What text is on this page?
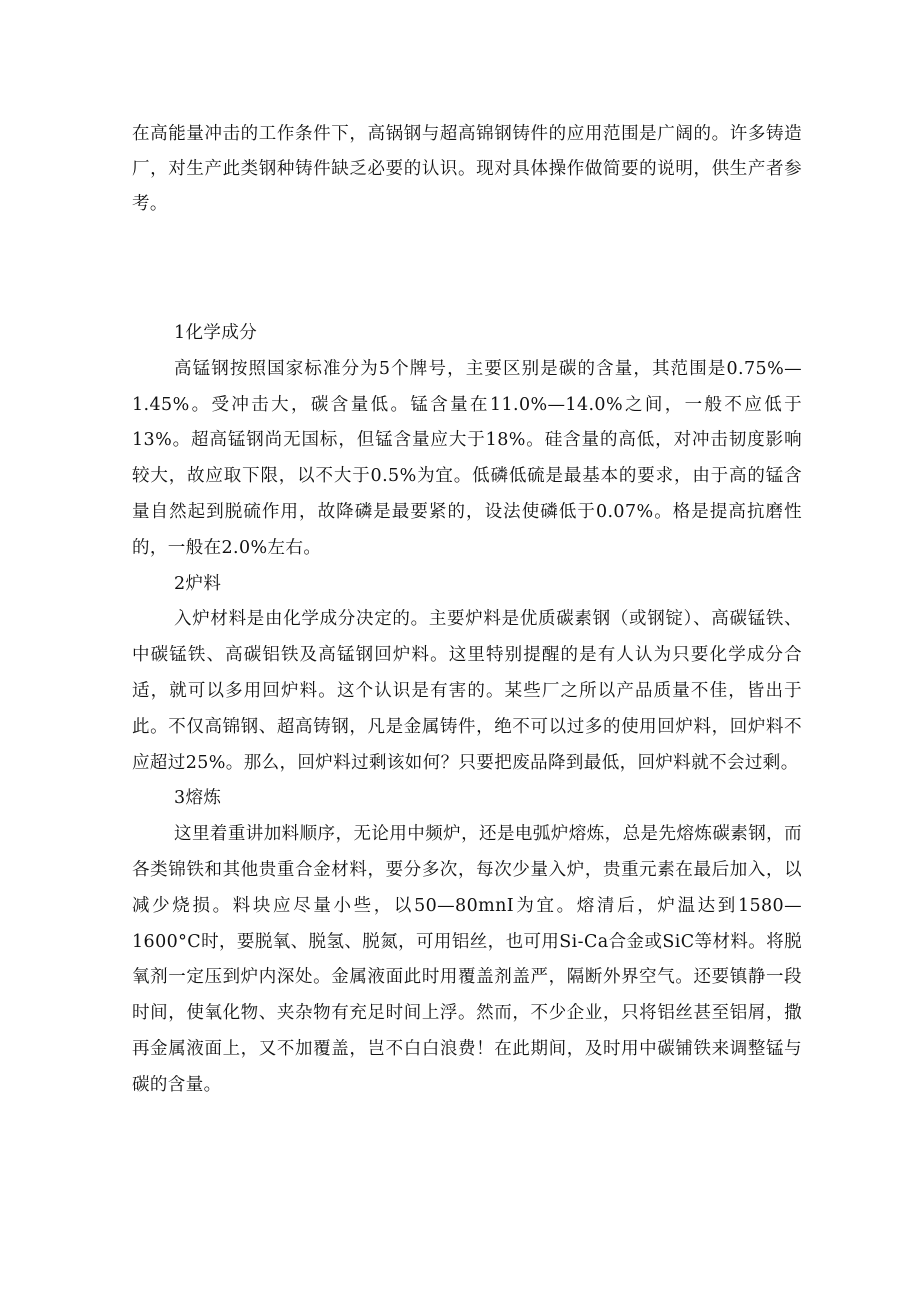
在高能量冲击的工作条件下，高锅钢与超高锦钢铸件的应用范围是广阔的。许多铸造厂，对生产此类钢种铸件缺乏必要的认识。现对具体操作做简要的说明，供生产者参考。

1化学成分

高锰钢按照国家标准分为5个牌号，主要区别是碳的含量，其范围是0.75%—1.45%。受冲击大，碳含量低。锰含量在11.0%—14.0%之间，一般不应低于13%。超高锰钢尚无国标，但锰含量应大于18%。硅含量的高低，对冲击韧度影响较大，故应取下限，以不大于0.5%为宜。低磷低硫是最基本的要求，由于高的锰含量自然起到脱硫作用，故降磷是最要紧的，设法使磷低于0.07%。格是提高抗磨性的，一般在2.0%左右。

2炉料

入炉材料是由化学成分决定的。主要炉料是优质碳素钢（或钢锭）、高碳锰铁、中碳锰铁、高碳铝铁及高锰钢回炉料。这里特别提醒的是有人认为只要化学成分合适，就可以多用回炉料。这个认识是有害的。某些厂之所以产品质量不佳，皆出于此。不仅高锦钢、超高铸钢，凡是金属铸件，绝不可以过多的使用回炉料，回炉料不应超过25%。那么，回炉料过剩该如何？只要把废品降到最低，回炉料就不会过剩。

3熔炼

这里着重讲加料顺序，无论用中频炉，还是电弧炉熔炼，总是先熔炼碳素钢，而各类锦铁和其他贵重合金材料，要分多次，每次少量入炉，贵重元素在最后加入，以减少烧损。料块应尽量小些，以50—80mnI为宜。熔清后，炉温达到1580—1600°C时，要脱氧、脱氢、脱氮，可用铝丝，也可用Si-Ca合金或SiC等材料。将脱氧剂一定压到炉内深处。金属液面此时用覆盖剂盖严，隔断外界空气。还要镇静一段时间，使氧化物、夹杂物有充足时间上浮。然而，不少企业，只将铝丝甚至铝屑，撒再金属液面上，又不加覆盖，岂不白白浪费！在此期间，及时用中碳铺铁来调整锰与碳的含量。
